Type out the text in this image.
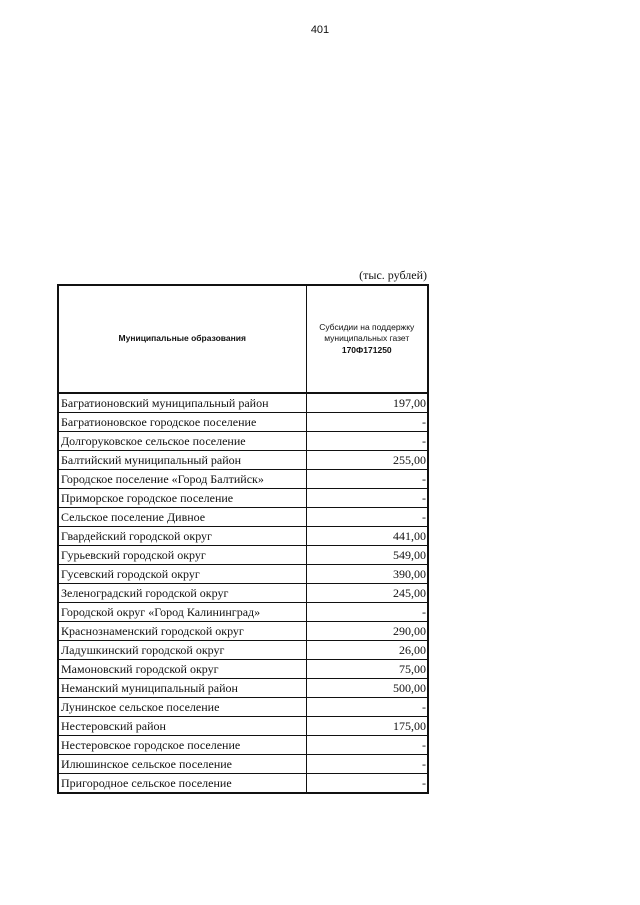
401
(тыс. рублей)
Муниципальные образования	Субсидии на поддержку муниципальных газет
170Ф171250

Багратионовский муниципальный район	197,00
Багратионовское городское поселение	-
Долгоруковское сельское поселение	-
Балтийский муниципальный район	255,00
Городское поселение «Город Балтийск»	-
Приморское городское поселение	-
Сельское поселение Дивное	-
Гвардейский городской округ	441,00
Гурьевский городской округ	549,00
Гусевский городской округ	390,00
Зеленоградский городской округ	245,00
Городской округ «Город Калининград»	-
Краснознаменский городской округ	290,00
Ладушкинский городской округ	26,00
Мамоновский городской округ	75,00
Неманский муниципальный район	500,00
Лунинское сельское поселение	-
Нестеровский район	175,00
Нестеровское городское поселение	-
Илюшинское сельское поселение	-
Пригородное сельское поселение	-
